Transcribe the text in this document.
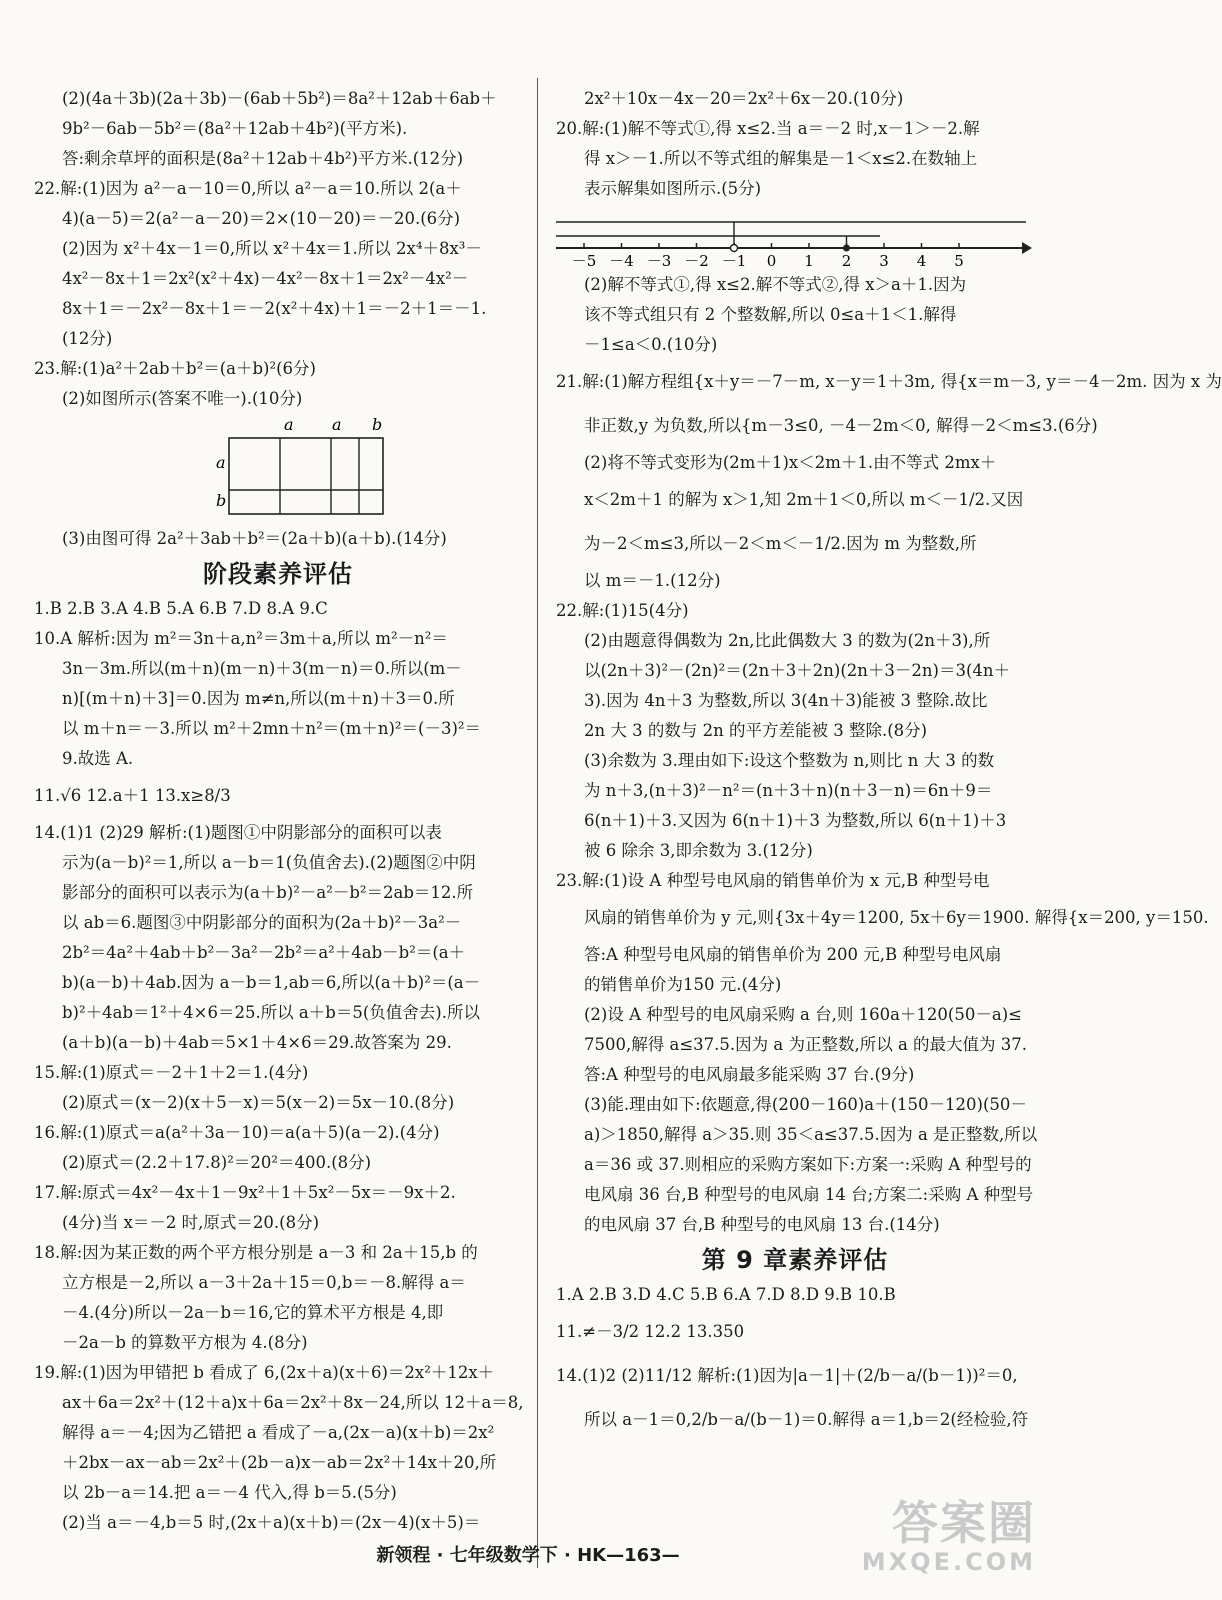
(2)(4a＋3b)(2a＋3b)－(6ab＋5b²)＝8a²＋12ab＋6ab＋
9b²－6ab－5b²＝(8a²＋12ab＋4b²)(平方米).
答:剩余草坪的面积是(8a²＋12ab＋4b²)平方米.(12分)
22.解:(1)因为 a²－a－10＝0,所以 a²－a＝10.所以 2(a＋
4)(a－5)＝2(a²－a－20)＝2×(10－20)＝－20.(6分)
(2)因为 x²＋4x－1＝0,所以 x²＋4x＝1.所以 2x⁴＋8x³－
4x²－8x＋1＝2x²(x²＋4x)－4x²－8x＋1＝2x²－4x²－
8x＋1＝－2x²－8x＋1＝－2(x²＋4x)＋1＝－2＋1＝－1.
(12分)
23.解:(1)a²＋2ab＋b²＝(a＋b)²(6分)
(2)如图所示(答案不唯一).(10分)
a a b
a
b
(3)由图可得 2a²＋3ab＋b²＝(2a＋b)(a＋b).(14分)
阶段素养评估
1.B 2.B 3.A 4.B 5.A 6.B 7.D 8.A 9.C
10.A 解析:因为 m²＝3n＋a,n²＝3m＋a,所以 m²－n²＝
3n－3m.所以(m＋n)(m－n)＋3(m－n)＝0.所以(m－
n)[(m＋n)＋3]＝0.因为 m≠n,所以(m＋n)＋3＝0.所
以 m＋n＝－3.所以 m²＋2mn＋n²＝(m＋n)²＝(－3)²＝
9.故选 A.
11.√6 12.a＋1 13.x≥8/3
14.(1)1 (2)29 解析:(1)题图①中阴影部分的面积可以表
示为(a－b)²＝1,所以 a－b＝1(负值舍去).(2)题图②中阴
影部分的面积可以表示为(a＋b)²－a²－b²＝2ab＝12.所
以 ab＝6.题图③中阴影部分的面积为(2a＋b)²－3a²－
2b²＝4a²＋4ab＋b²－3a²－2b²＝a²＋4ab－b²＝(a＋
b)(a－b)＋4ab.因为 a－b＝1,ab＝6,所以(a＋b)²＝(a－
b)²＋4ab＝1²＋4×6＝25.所以 a＋b＝5(负值舍去).所以
(a＋b)(a－b)＋4ab＝5×1＋4×6＝29.故答案为 29.
15.解:(1)原式＝－2＋1＋2＝1.(4分)
(2)原式＝(x－2)(x＋5－x)＝5(x－2)＝5x－10.(8分)
16.解:(1)原式＝a(a²＋3a－10)＝a(a＋5)(a－2).(4分)
(2)原式＝(2.2＋17.8)²＝20²＝400.(8分)
17.解:原式＝4x²－4x＋1－9x²＋1＋5x²－5x＝－9x＋2.
(4分)当 x＝－2 时,原式＝20.(8分)
18.解:因为某正数的两个平方根分别是 a－3 和 2a＋15,b 的
立方根是－2,所以 a－3＋2a＋15＝0,b＝－8.解得 a＝
－4.(4分)所以－2a－b＝16,它的算术平方根是 4,即
－2a－b 的算数平方根为 4.(8分)
19.解:(1)因为甲错把 b 看成了 6,(2x＋a)(x＋6)＝2x²＋12x＋
ax＋6a＝2x²＋(12＋a)x＋6a＝2x²＋8x－24,所以 12＋a＝8,
解得 a＝－4;因为乙错把 a 看成了－a,(2x－a)(x＋b)＝2x²
＋2bx－ax－ab＝2x²＋(2b－a)x－ab＝2x²＋14x＋20,所
以 2b－a＝14.把 a＝－4 代入,得 b＝5.(5分)
(2)当 a＝－4,b＝5 时,(2x＋a)(x＋b)＝(2x－4)(x＋5)＝
2x²＋10x－4x－20＝2x²＋6x－20.(10分)
20.解:(1)解不等式①,得 x≤2.当 a＝－2 时,x－1＞－2.解
得 x＞－1.所以不等式组的解集是－1＜x≤2.在数轴上
表示解集如图所示.(5分)
－5 －4 －3 －2 －1 0 1 2 3 4 5
(2)解不等式①,得 x≤2.解不等式②,得 x＞a＋1.因为
该不等式组只有 2 个整数解,所以 0≤a＋1＜1.解得
－1≤a＜0.(10分)
21.解:(1)解方程组{x＋y＝－7－m, x－y＝1＋3m, 得{x＝m－3, y＝－4－2m. 因为 x 为
非正数,y 为负数,所以{m－3≤0, －4－2m＜0, 解得－2＜m≤3.(6分)
(2)将不等式变形为(2m＋1)x＜2m＋1.由不等式 2mx＋
x＜2m＋1 的解为 x＞1,知 2m＋1＜0,所以 m＜－1/2.又因
为－2＜m≤3,所以－2＜m＜－1/2.因为 m 为整数,所
以 m＝－1.(12分)
22.解:(1)15(4分)
(2)由题意得偶数为 2n,比此偶数大 3 的数为(2n＋3),所
以(2n＋3)²－(2n)²＝(2n＋3＋2n)(2n＋3－2n)＝3(4n＋
3).因为 4n＋3 为整数,所以 3(4n＋3)能被 3 整除.故比
2n 大 3 的数与 2n 的平方差能被 3 整除.(8分)
(3)余数为 3.理由如下:设这个整数为 n,则比 n 大 3 的数
为 n＋3,(n＋3)²－n²＝(n＋3＋n)(n＋3－n)＝6n＋9＝
6(n＋1)＋3.又因为 6(n＋1)＋3 为整数,所以 6(n＋1)＋3
被 6 除余 3,即余数为 3.(12分)
23.解:(1)设 A 种型号电风扇的销售单价为 x 元,B 种型号电
风扇的销售单价为 y 元,则{3x＋4y＝1200, 5x＋6y＝1900. 解得{x＝200, y＝150.
答:A 种型号电风扇的销售单价为 200 元,B 种型号电风扇
的销售单价为150 元.(4分)
(2)设 A 种型号的电风扇采购 a 台,则 160a＋120(50－a)≤
7500,解得 a≤37.5.因为 a 为正整数,所以 a 的最大值为 37.
答:A 种型号的电风扇最多能采购 37 台.(9分)
(3)能.理由如下:依题意,得(200－160)a＋(150－120)(50－
a)＞1850,解得 a＞35.则 35＜a≤37.5.因为 a 是正整数,所以
a＝36 或 37.则相应的采购方案如下:方案一:采购 A 种型号的
电风扇 36 台,B 种型号的电风扇 14 台;方案二:采购 A 种型号
的电风扇 37 台,B 种型号的电风扇 13 台.(14分)
第 9 章素养评估
1.A 2.B 3.D 4.C 5.B 6.A 7.D 8.D 9.B 10.B
11.≠－3/2 12.2 13.350
14.(1)2 (2)11/12 解析:(1)因为|a－1|＋(2/b－a/(b－1))²＝0,
所以 a－1＝0,2/b－a/(b－1)＝0.解得 a＝1,b＝2(经检验,符
新领程 · 七年级数学下 · HK—163—
答案圈
MXQE.COM
